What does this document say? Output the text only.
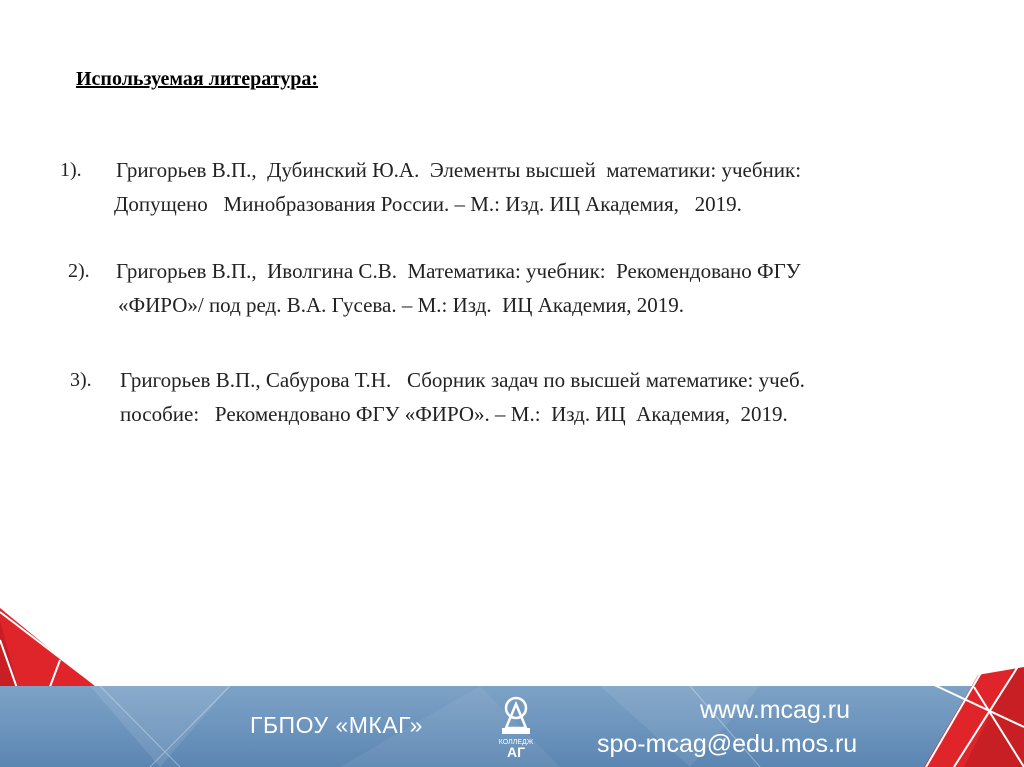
Используемая литература:
1). Григорьев В.П.,  Дубинский Ю.А.  Элементы высшей  математики: учебник:
Допущено   Минобразования России. – М.: Изд. ИЦ Академия,   2019.
2). Григорьев В.П.,  Иволгина С.В.  Математика: учебник:  Рекомендовано ФГУ
«ФИРО»/ под ред. В.А. Гусева. – М.: Изд.  ИЦ Академия, 2019.
3). Григорьев В.П., Сабурова Т.Н.   Сборник задач по высшей математике: учеб.
пособие:   Рекомендовано ФГУ «ФИРО». – М.:  Изд. ИЦ  Академия,  2019.
ГБПОУ «МКАГ»
КОЛЛЕДЖ
АГ
www.mcag.ru
spo-mcag@edu.mos.ru
